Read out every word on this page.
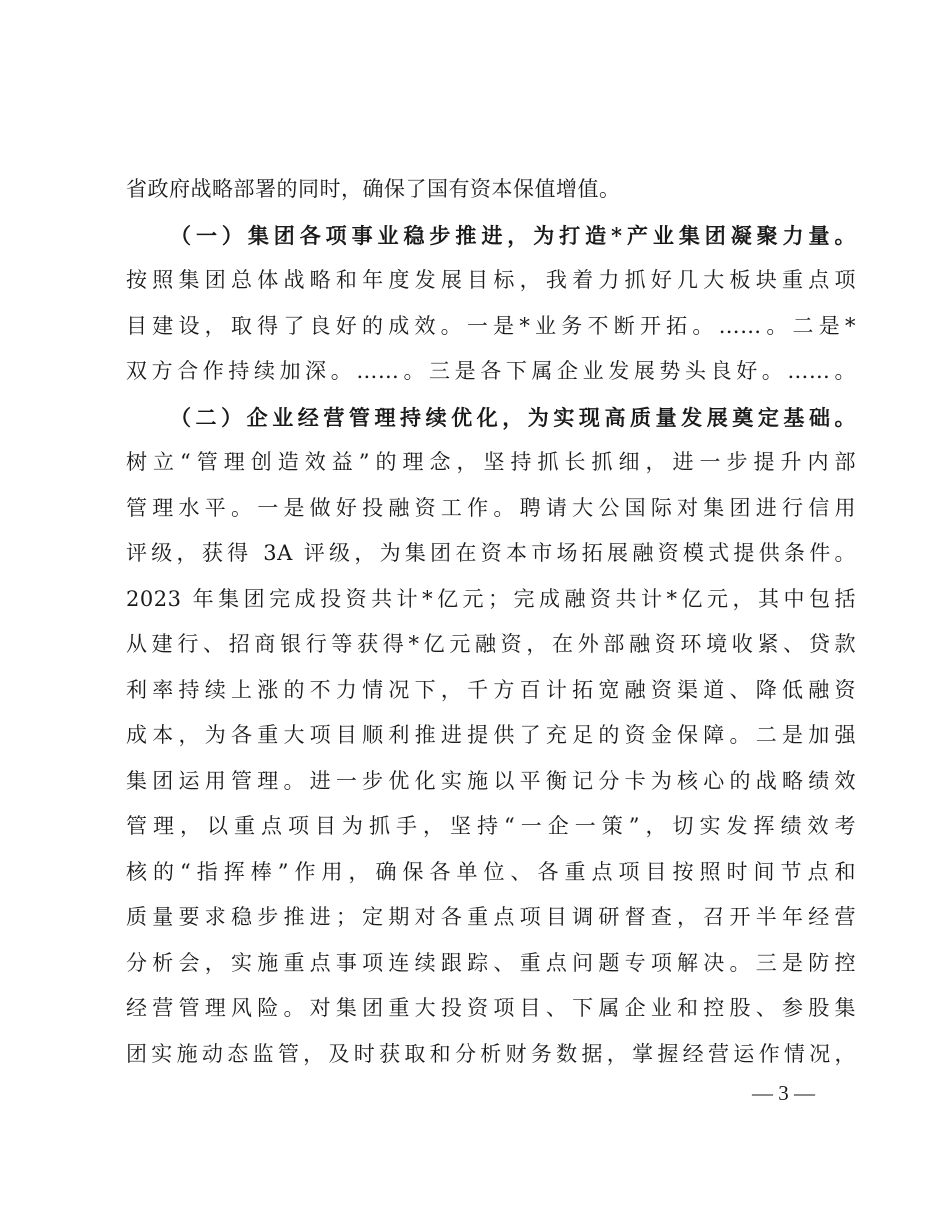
省政府战略部署的同时，确保了国有资本保值增值。
（一）集团各项事业稳步推进，为打造*产业集团凝聚力量。
按照集团总体战略和年度发展目标，我着力抓好几大板块重点项
目建设，取得了良好的成效。一是*业务不断开拓。……。二是*
双方合作持续加深。……。三是各下属企业发展势头良好。……。
（二）企业经营管理持续优化，为实现高质量发展奠定基础。
树立“管理创造效益”的理念，坚持抓长抓细，进一步提升内部
管理水平。一是做好投融资工作。聘请大公国际对集团进行信用
评级，获得 3A 评级，为集团在资本市场拓展融资模式提供条件。
2023 年集团完成投资共计*亿元；完成融资共计*亿元，其中包括
从建行、招商银行等获得*亿元融资，在外部融资环境收紧、贷款
利率持续上涨的不力情况下，千方百计拓宽融资渠道、降低融资
成本，为各重大项目顺利推进提供了充足的资金保障。二是加强
集团运用管理。进一步优化实施以平衡记分卡为核心的战略绩效
管理，以重点项目为抓手，坚持“一企一策”，切实发挥绩效考
核的“指挥棒”作用，确保各单位、各重点项目按照时间节点和
质量要求稳步推进；定期对各重点项目调研督查，召开半年经营
分析会，实施重点事项连续跟踪、重点问题专项解决。三是防控
经营管理风险。对集团重大投资项目、下属企业和控股、参股集
团实施动态监管，及时获取和分析财务数据，掌握经营运作情况，
— 3 —
